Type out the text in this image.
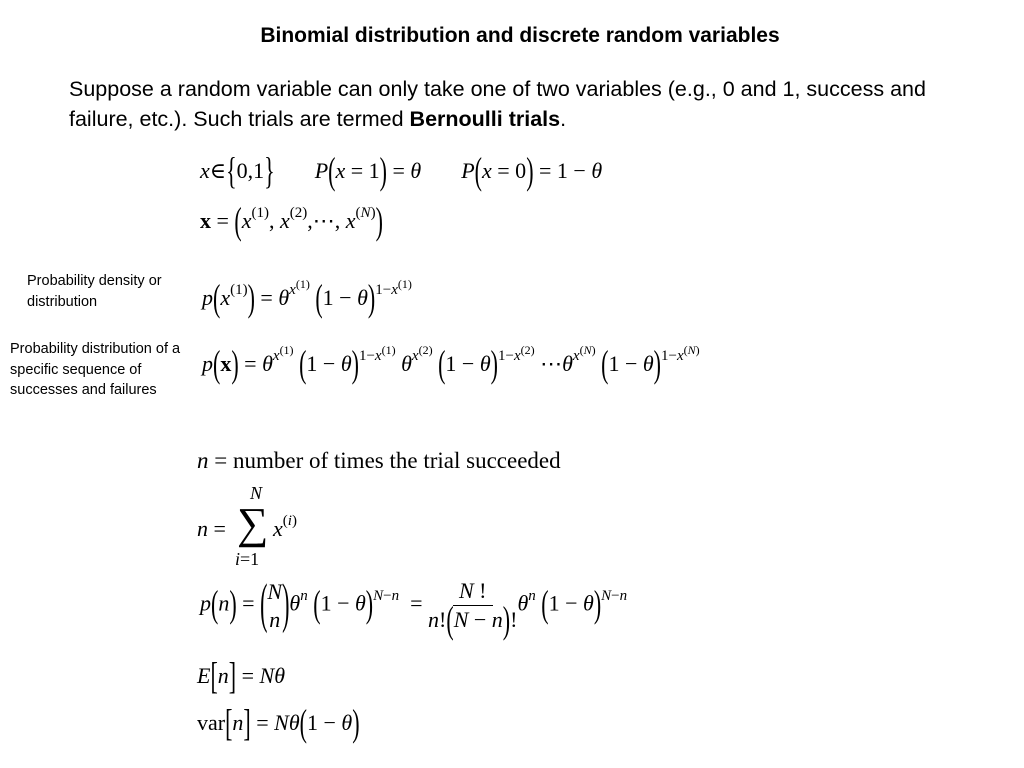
Binomial distribution and discrete random variables
Suppose a random variable can only take one of two variables (e.g., 0 and 1, success and failure, etc.). Such trials are termed Bernoulli trials.
Probability density or distribution
Probability distribution of a specific sequence of successes and failures
x∈{0,1} P(x = 1) = θ P(x = 0) = 1 − θ
$x = (x^{(1)}$, $x^{(2)},\cdots$, $x^{(N)}$)
$p(x^{(1)}) = \theta^{x^{(1)}}$ $(1 - \theta)^{1-x^{(1)}}$
$p(x) = \theta^{x^{(1)}}$ $(1 - \theta)^{1-x^{(1)}}$ $\theta^{x^{(2)}}$ $(1 - \theta)^{1-x^{(2)}}$ $\cdots\theta^{x^{(N)}}$ $(1 - \theta)^{1-x^{(N)}}$
n = number of times the trial succeeded
n =
N
∑
i=1
$x^{(i)}$
p(n) = ( N
n )$\theta^n$ $(1 - \theta)^{N-n} = \frac{N !}{n!(N - n)!} \theta^n$ $(1 - \theta)^{N-n}$
E[n] = Nθ
var[n] = Nθ(1 − θ)
